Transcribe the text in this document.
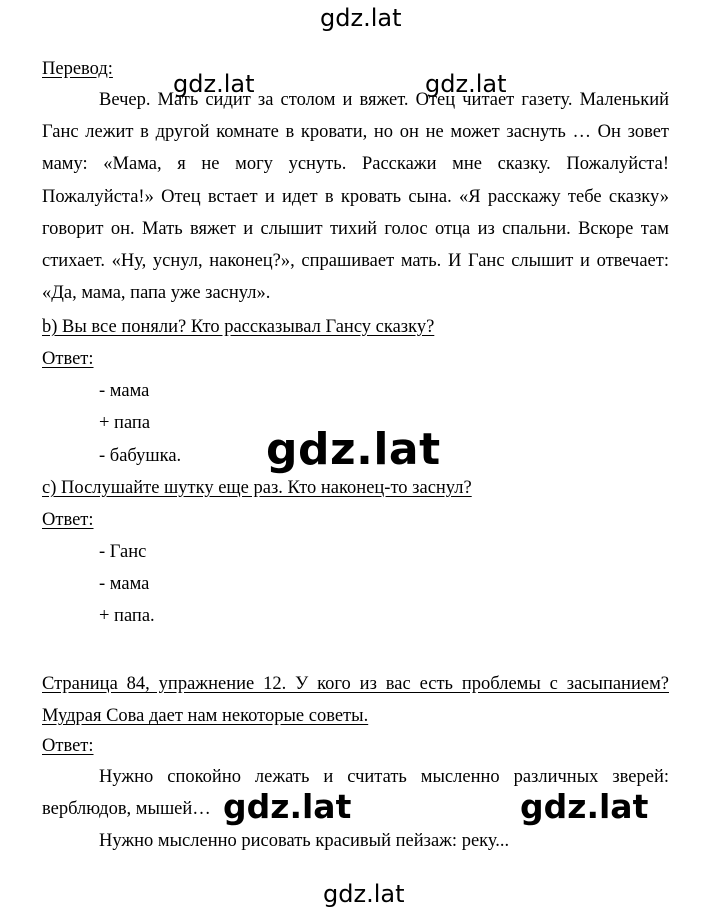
gdz.lat
Перевод:
gdz.lat	gdz.lat
Вечер. Мать сидит за столом и вяжет. Отец читает газету. Маленький Ганс лежит в другой комнате в кровати, но он не может заснуть … Он зовет маму: «Мама, я не могу уснуть. Расскажи мне сказку. Пожалуйста! Пожалуйста!» Отец встает и идет в кровать сына. «Я расскажу тебе сказку» говорит он. Мать вяжет и слышит тихий голос отца из спальни. Вскоре там стихает. «Ну, уснул, наконец?», спрашивает мать. И Ганс слышит и отвечает: «Да, мама, папа уже заснул».
b) Вы все поняли? Кто рассказывал Гансу сказку?
Ответ:
- мама
+ папа
- бабушка. gdz.lat
c) Послушайте шутку еще раз. Кто наконец-то заснул?
Ответ:
- Ганс
- мама
+ папа.
Страница 84, упражнение 12. У кого из вас есть проблемы с засыпанием? Мудрая Сова дает нам некоторые советы.
Ответ:
Нужно спокойно лежать и считать мысленно различных зверей: верблюдов, мышей…
Нужно мысленно рисовать красивый пейзаж: реку...
gdz.lat	gdz.lat
gdz.lat
